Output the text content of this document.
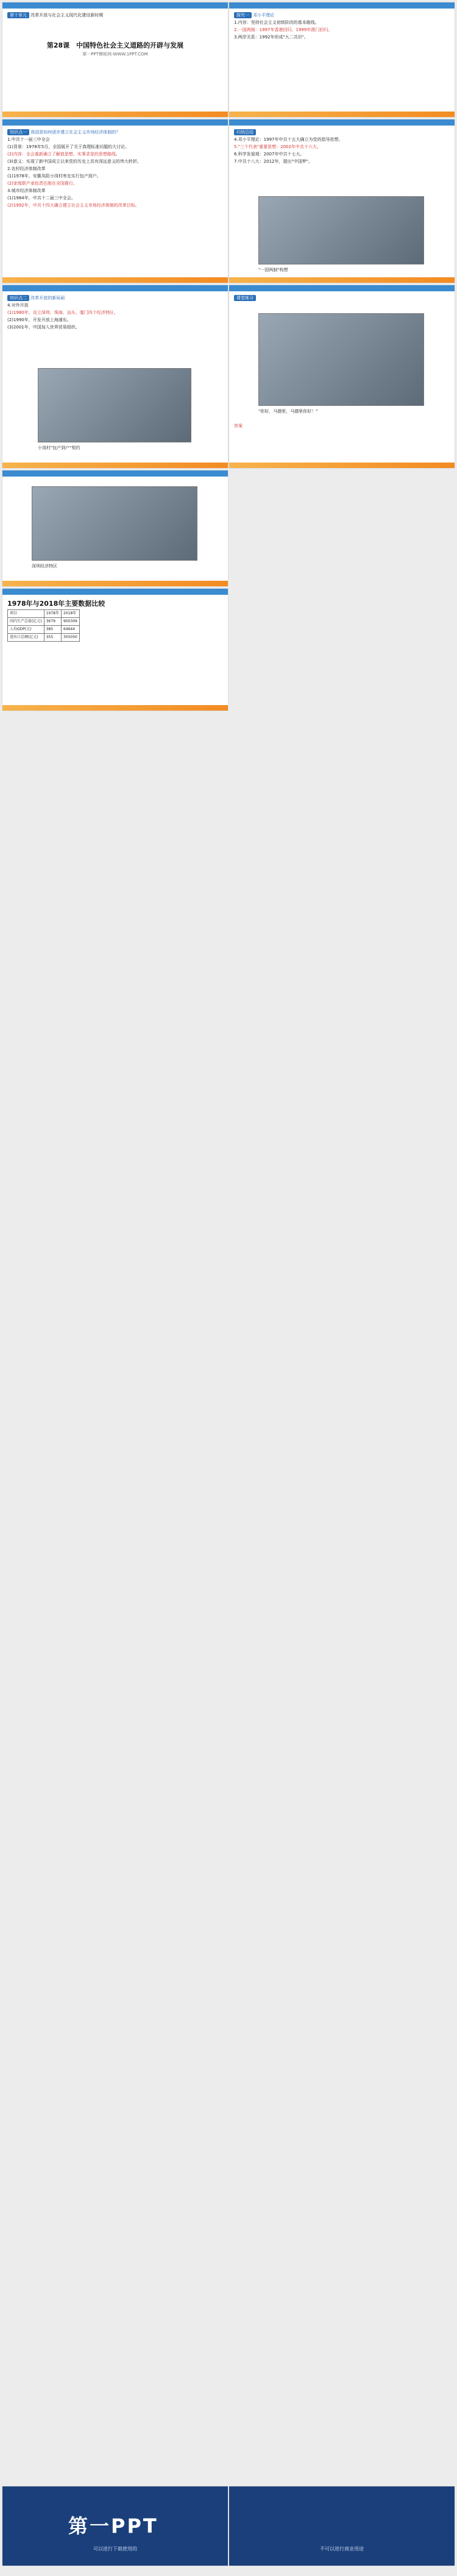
第十单元 改革开放与社会主义现代化建设新时期
第28课　中国特色社会主义道路的开辟与发展
第一PPT模板网-WWW.1PPT.COM
知识点一 我国是如何逐步建立社会主义市场经济体制的？
1.中共十一届三中全会
(1)背景：1978年5月，全国展开了关于真理标准问题的大讨论。
(2)内容：全会重新确立了解放思想、实事求是的思想路线。
(3)意义：实现了新中国成立以来党的历史上具有深远意义的伟大转折。
2.农村经济体制改革
(1)1978年，安徽凤阳小岗村率先实行包产到户。
(2)家庭联产承包责任制在全国推行。
3.城市经济体制改革
(1)1984年，中共十二届三中全会。
(2)1992年，中共十四大确立建立社会主义市场经济体制的改革目标。
知识点二 改革开放的新局面
4.对外开放
(1)1980年，设立深圳、珠海、汕头、厦门四个经济特区。
(2)1990年，开发开放上海浦东。
(3)2001年，中国加入世界贸易组织。
小岗村"包产到户"契约
深圳经济特区
1978年与2018年主要数据比较
项目	1978年	2018年
国内生产总值(亿元)	3679	900309
人均GDP(元)	385	64644
进出口总额(亿元)	355	305050
探究一 邓小平理论
1.内容：坚持社会主义初级阶段的基本路线。
2.一国两制：1997年香港回归，1999年澳门回归。
3.两岸关系：1992年形成"九二共识"。
归纳总结
4.邓小平理论：1997年中共十五大确立为党的指导思想。
5."三个代表"重要思想：2002年中共十六大。
6.科学发展观：2007年中共十七大。
7.中共十八大：2012年，提出"中国梦"。
"一国两制"构想
课堂练习
"你好，马德里，马德里你好！"
答案
第一PPT
可以进行下载使用的	不可以进行商业用途
